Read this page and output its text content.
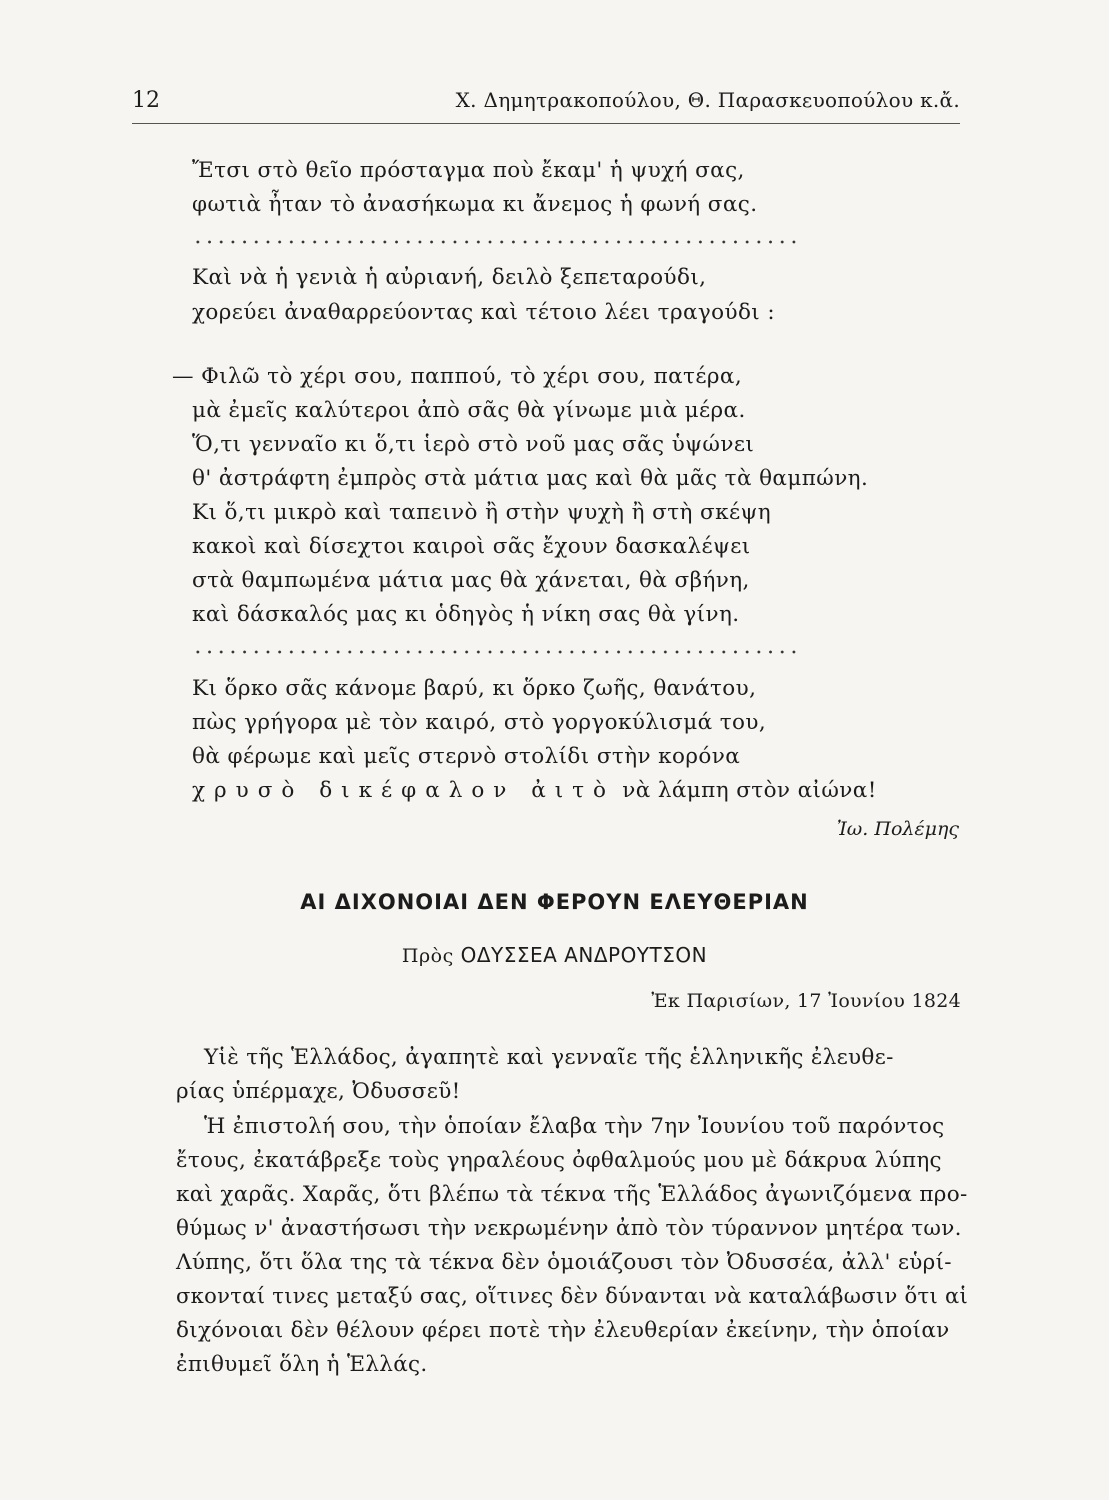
12	Χ. Δημητρακοπούλου, Θ. Παρασκευοπούλου κ.ἄ.
Ἔτσι στὸ θεῖο πρόσταγμα ποὺ ἔκαμ' ἡ ψυχή σας,
φωτιὰ ἦταν τὸ ἀνασήκωμα κι ἄνεμος ἡ φωνή σας.
Καὶ νὰ ἡ γενιὰ ἡ αὐριανή, δειλὸ ξεπεταρούδι,
χορεύει ἀναθαρρεύοντας καὶ τέτοιο λέει τραγούδι :
— Φιλῶ τὸ χέρι σου, παππού, τὸ χέρι σου, πατέρα,
μὰ ἐμεῖς καλύτεροι ἀπὸ σᾶς θὰ γίνωμε μιὰ μέρα.
Ὅ,τι γενναῖο κι ὅ,τι ἱερὸ στὸ νοῦ μας σᾶς ὑψώνει
θ' ἀστράφτη ἐμπρὸς στὰ μάτια μας καὶ θὰ μᾶς τὰ θαμπώνη.
Κι ὅ,τι μικρὸ καὶ ταπεινὸ ἢ στὴν ψυχὴ ἢ στὴ σκέψη
κακοὶ καὶ δίσεχτοι καιροὶ σᾶς ἔχουν δασκαλέψει
στὰ θαμπωμένα μάτια μας θὰ χάνεται, θὰ σβήνη,
καὶ δάσκαλός μας κι ὁδηγὸς ἡ νίκη σας θὰ γίνη.
Κι ὅρκο σᾶς κάνομε βαρύ, κι ὅρκο ζωῆς, θανάτου,
πὼς γρήγορα μὲ τὸν καιρό, στὸ γοργοκύλισμά του,
θὰ φέρωμε καὶ μεῖς στερνὸ στολίδι στὴν κορόνα
χρυσὸ δικέφαλον ἀιτὸ νὰ λάμπη στὸν αἰώνα!
Ἰω. Πολέμης
ΑΙ ΔΙΧΟΝΟΙΑΙ ΔΕΝ ΦΕΡΟΥΝ ΕΛΕΥΘΕΡΙΑΝ
Πρὸς ΟΔΥΣΣΕΑ ΑΝΔΡΟΥΤΣΟΝ
Ἐκ Παρισίων, 17 Ἰουνίου 1824
Υἱὲ τῆς Ἑλλάδος, ἀγαπητὲ καὶ γενναῖε τῆς ἑλληνικῆς ἐλευθε-
ρίας ὑπέρμαχε, Ὀδυσσεῦ!
Ἡ ἐπιστολή σου, τὴν ὁποίαν ἔλαβα τὴν 7ην Ἰουνίου τοῦ παρόντος
ἔτους, ἐκατάβρεξε τοὺς γηραλέους ὀφθαλμούς μου μὲ δάκρυα λύπης
καὶ χαρᾶς. Χαρᾶς, ὅτι βλέπω τὰ τέκνα τῆς Ἑλλάδος ἀγωνιζόμενα προ-
θύμως ν' ἀναστήσωσι τὴν νεκρωμένην ἀπὸ τὸν τύραννον μητέρα των.
Λύπης, ὅτι ὅλα της τὰ τέκνα δὲν ὁμοιάζουσι τὸν Ὀδυσσέα, ἀλλ' εὑρί-
σκονταί τινες μεταξύ σας, οἵτινες δὲν δύνανται νὰ καταλάβωσιν ὅτι αἱ
διχόνοιαι δὲν θέλουν φέρει ποτὲ τὴν ἐλευθερίαν ἐκείνην, τὴν ὁποίαν
ἐπιθυμεῖ ὅλη ἡ Ἑλλάς.
